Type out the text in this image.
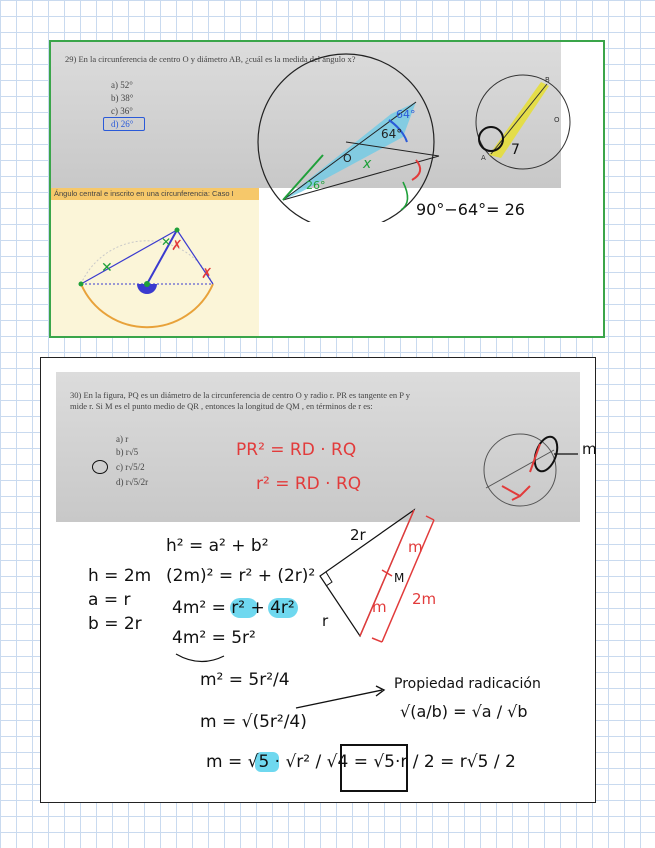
29) En la circunferencia de centro O y diámetro AB, ¿cuál es la medida del ángulo x?
a) 52°
b) 38°
c) 36°
d) 26°
64°
64°
O x
26°
7
B
A
O
90°−64°= 26
Ángulo central e inscrito en una circunferencia: Caso I
✕
✕ ✗
✗
30) En la figura, PQ es un diámetro de la circunferencia de centro O y radio r. PR es tangente en P y
mide r. Si M es el punto medio de QR , entonces la longitud de QM , en términos de r es:
a) r
b) r√5
c) r√5/2
d) r√5/2r
PR² = RD · RQ
r² = RD · RQ
m
h = 2m
a = r
b = 2r
h² = a² + b²
(2m)² = r² + (2r)²
4m² = r² + 4r²
4m² = 5r²
m² = 5r²/4
m = √(5r²/4)
m = √5 · √r² / √4 = √5·r / 2 = r√5 / 2
Propiedad radicación
√(a/b) = √a / √b
2r
r
m
m 2m
M
